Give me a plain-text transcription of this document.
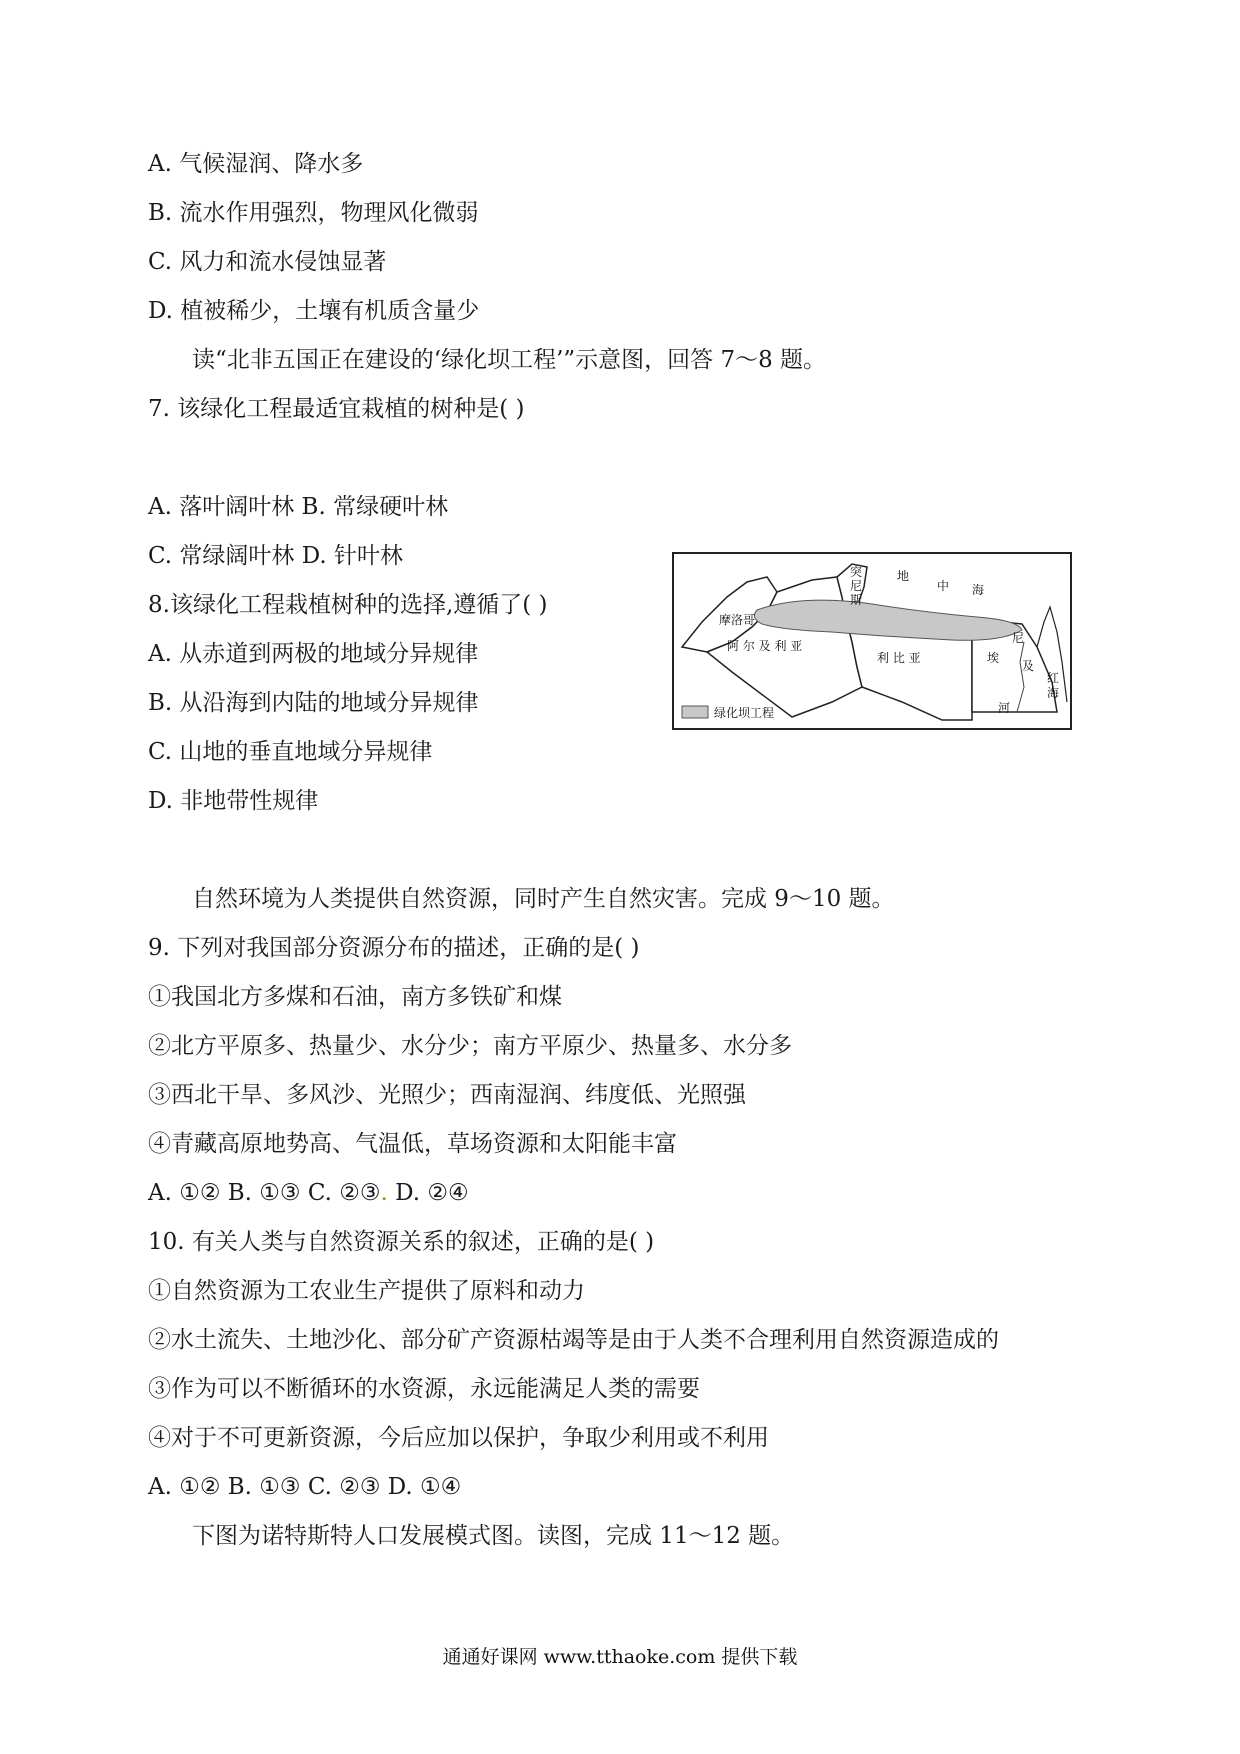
A. 气候湿润、降水多
B. 流水作用强烈，物理风化微弱
C. 风力和流水侵蚀显著
D. 植被稀少，土壤有机质含量少
读“北非五国正在建设的‘绿化坝工程’”示意图，回答 7～8 题。
7. 该绿化工程最适宜栽植的树种是( )
A. 落叶阔叶林 B. 常绿硬叶林
C. 常绿阔叶林 D. 针叶林
8.该绿化工程栽植树种的选择,遵循了( )
A. 从赤道到两极的地域分异规律
B. 从沿海到内陆的地域分异规律
C. 山地的垂直地域分异规律
D. 非地带性规律
摩洛哥
阿 尔 及 利 亚
突
尼
斯
利 比 亚	埃
及
地
中 海
尼
红
海
河
绿化坝工程
自然环境为人类提供自然资源，同时产生自然灾害。完成 9～10 题。
9. 下列对我国部分资源分布的描述，正确的是( )
①我国北方多煤和石油，南方多铁矿和煤
②北方平原多、热量少、水分少；南方平原少、热量多、水分多
③西北干旱、多风沙、光照少；西南湿润、纬度低、光照强
④青藏高原地势高、气温低，草场资源和太阳能丰富
A. ①② B. ①③ C. ②③. D. ②④
10. 有关人类与自然资源关系的叙述，正确的是( )
①自然资源为工农业生产提供了原料和动力
②水土流失、土地沙化、部分矿产资源枯竭等是由于人类不合理利用自然资源造成的
③作为可以不断循环的水资源，永远能满足人类的需要
④对于不可更新资源，今后应加以保护，争取少利用或不利用
A. ①② B. ①③ C. ②③ D. ①④
下图为诺特斯特人口发展模式图。读图，完成 11～12 题。
通通好课网 www.tthaoke.com 提供下载
